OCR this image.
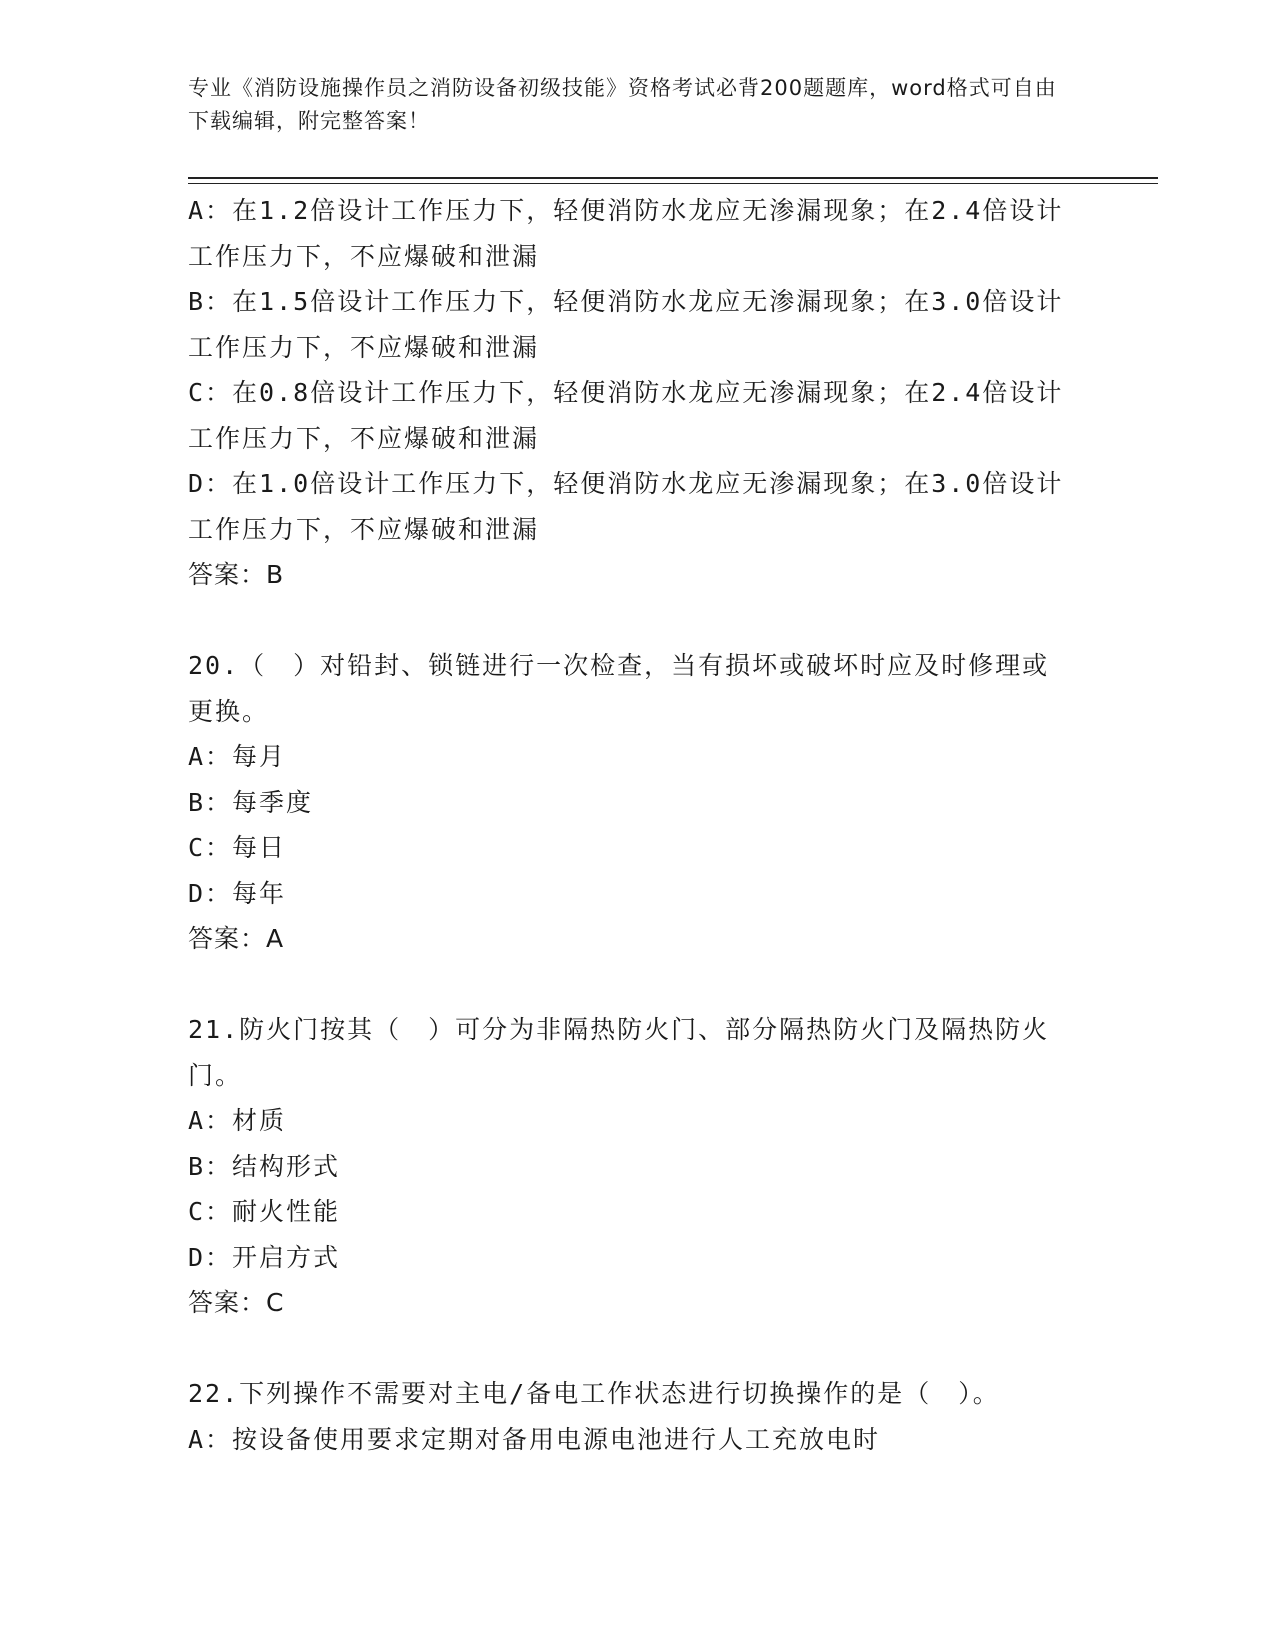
专业《消防设施操作员之消防设备初级技能》资格考试必背200题题库，word格式可自由下载编辑，附完整答案！
A：在1.2倍设计工作压力下，轻便消防水龙应无渗漏现象；在2.4倍设计工作压力下，不应爆破和泄漏
B：在1.5倍设计工作压力下，轻便消防水龙应无渗漏现象；在3.0倍设计工作压力下，不应爆破和泄漏
C：在0.8倍设计工作压力下，轻便消防水龙应无渗漏现象；在2.4倍设计工作压力下，不应爆破和泄漏
D：在1.0倍设计工作压力下，轻便消防水龙应无渗漏现象；在3.0倍设计工作压力下，不应爆破和泄漏
答案：B
20.（　）对铅封、锁链进行一次检查，当有损坏或破坏时应及时修理或更换。
A：每月
B：每季度
C：每日
D：每年
答案：A
21.防火门按其（　）可分为非隔热防火门、部分隔热防火门及隔热防火门。
A：材质
B：结构形式
C：耐火性能
D：开启方式
答案：C
22.下列操作不需要对主电/备电工作状态进行切换操作的是（　）。
A：按设备使用要求定期对备用电源电池进行人工充放电时
